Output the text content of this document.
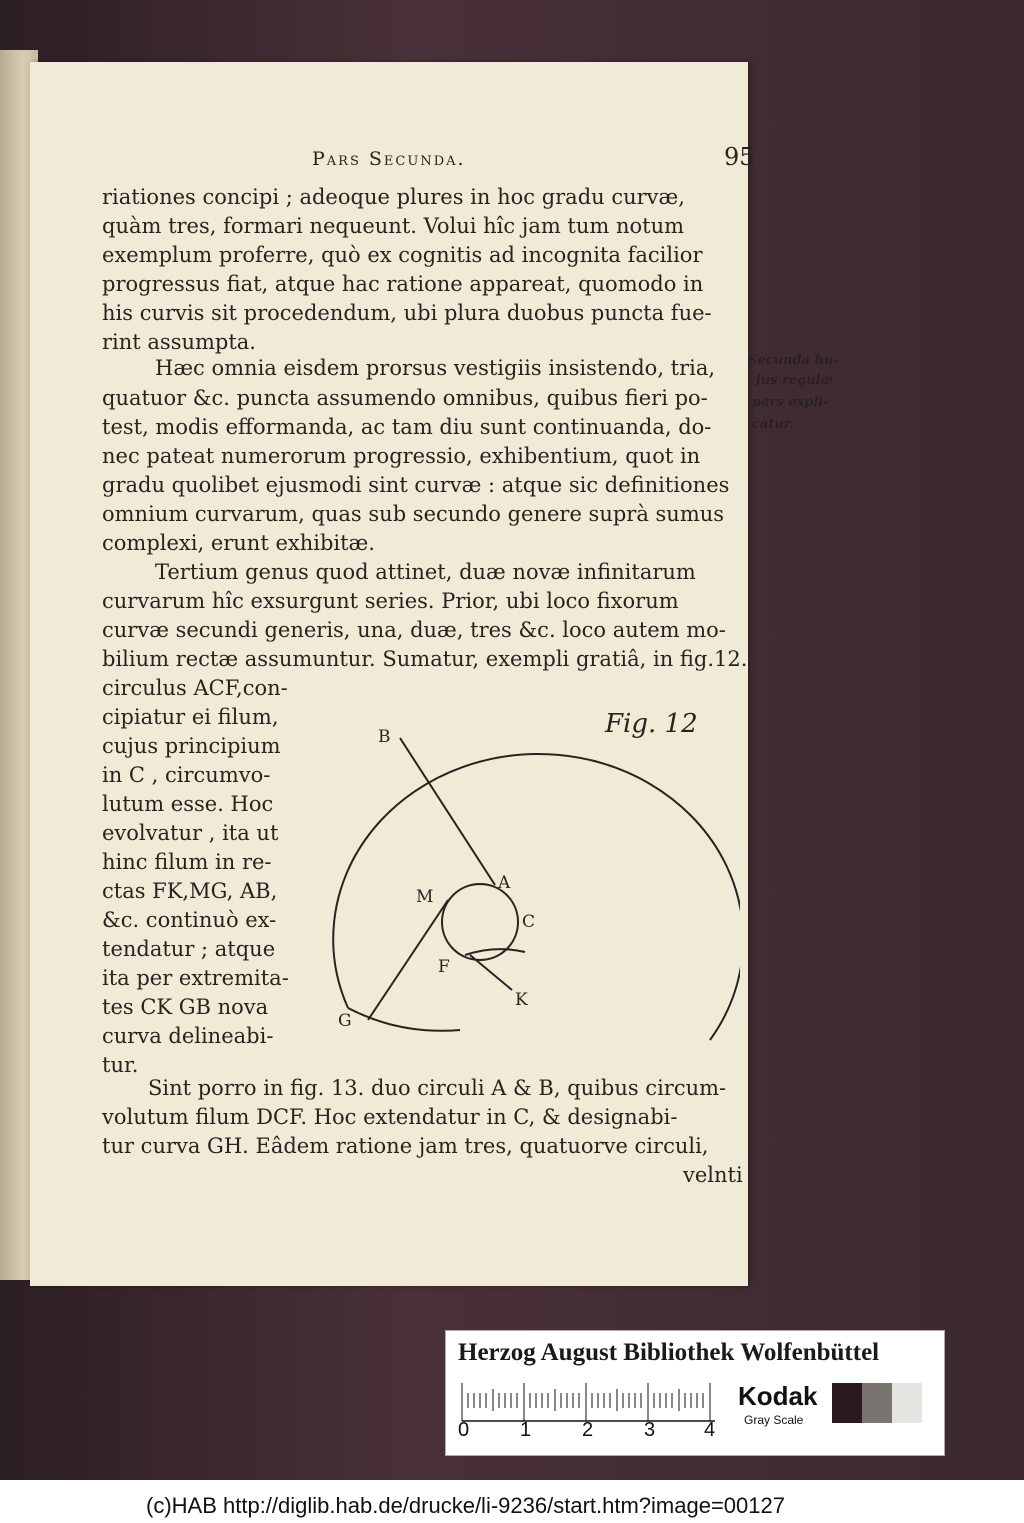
Pars Secunda.	95
riationes concipi ; adeoque plures in hoc gradu curvæ,
quàm tres, formari nequeunt. Volui hîc jam tum notum
exemplum proferre, quò ex cognitis ad incognita facilior
progressus fiat, atque hac ratione appareat, quomodo in
his curvis sit procedendum, ubi plura duobus puncta fue-
rint assumpta.
Hæc omnia eisdem prorsus vestigiis insistendo, tria,
quatuor &c. puncta assumendo omnibus, quibus fieri po-
test, modis efformanda, ac tam diu sunt continuanda, do-
nec pateat numerorum progressio, exhibentium, quot in
gradu quolibet ejusmodi sint curvæ : atque sic definitiones
omnium curvarum, quas sub secundo genere suprà sumus
complexi, erunt exhibitæ.
Secunda hu-
jus regulæ
pars expli-
catur.
Tertium genus quod attinet, duæ novæ infinitarum
curvarum hîc exsurgunt series. Prior, ubi loco fixorum
curvæ secundi generis, una, duæ, tres &c. loco autem mo-
bilium rectæ assumuntur. Sumatur, exempli gratiâ, in fig.12.
circulus ACF,con-
cipiatur ei filum,
cujus principium
in C , circumvo-
lutum esse. Hoc
evolvatur , ita ut
hinc filum in re-
ctas FK,MG, AB,
&c. continuò ex-
tendatur ; atque
ita per extremita-
tes CK GB nova
curva delineabi-
tur.
B
A
M
C
F
K
G
Fig. 12
Sint porro in fig. 13. duo circuli A & B, quibus circum-
volutum filum DCF. Hoc extendatur in C, & designabi-
tur curva GH. Eâdem ratione jam tres, quatuorve circuli,
velnti
Herzog August Bibliothek Wolfenbüttel
0	1	2	3 4
Kodak
Gray Scale
(c)HAB http://diglib.hab.de/drucke/li-9236/start.htm?image=00127
